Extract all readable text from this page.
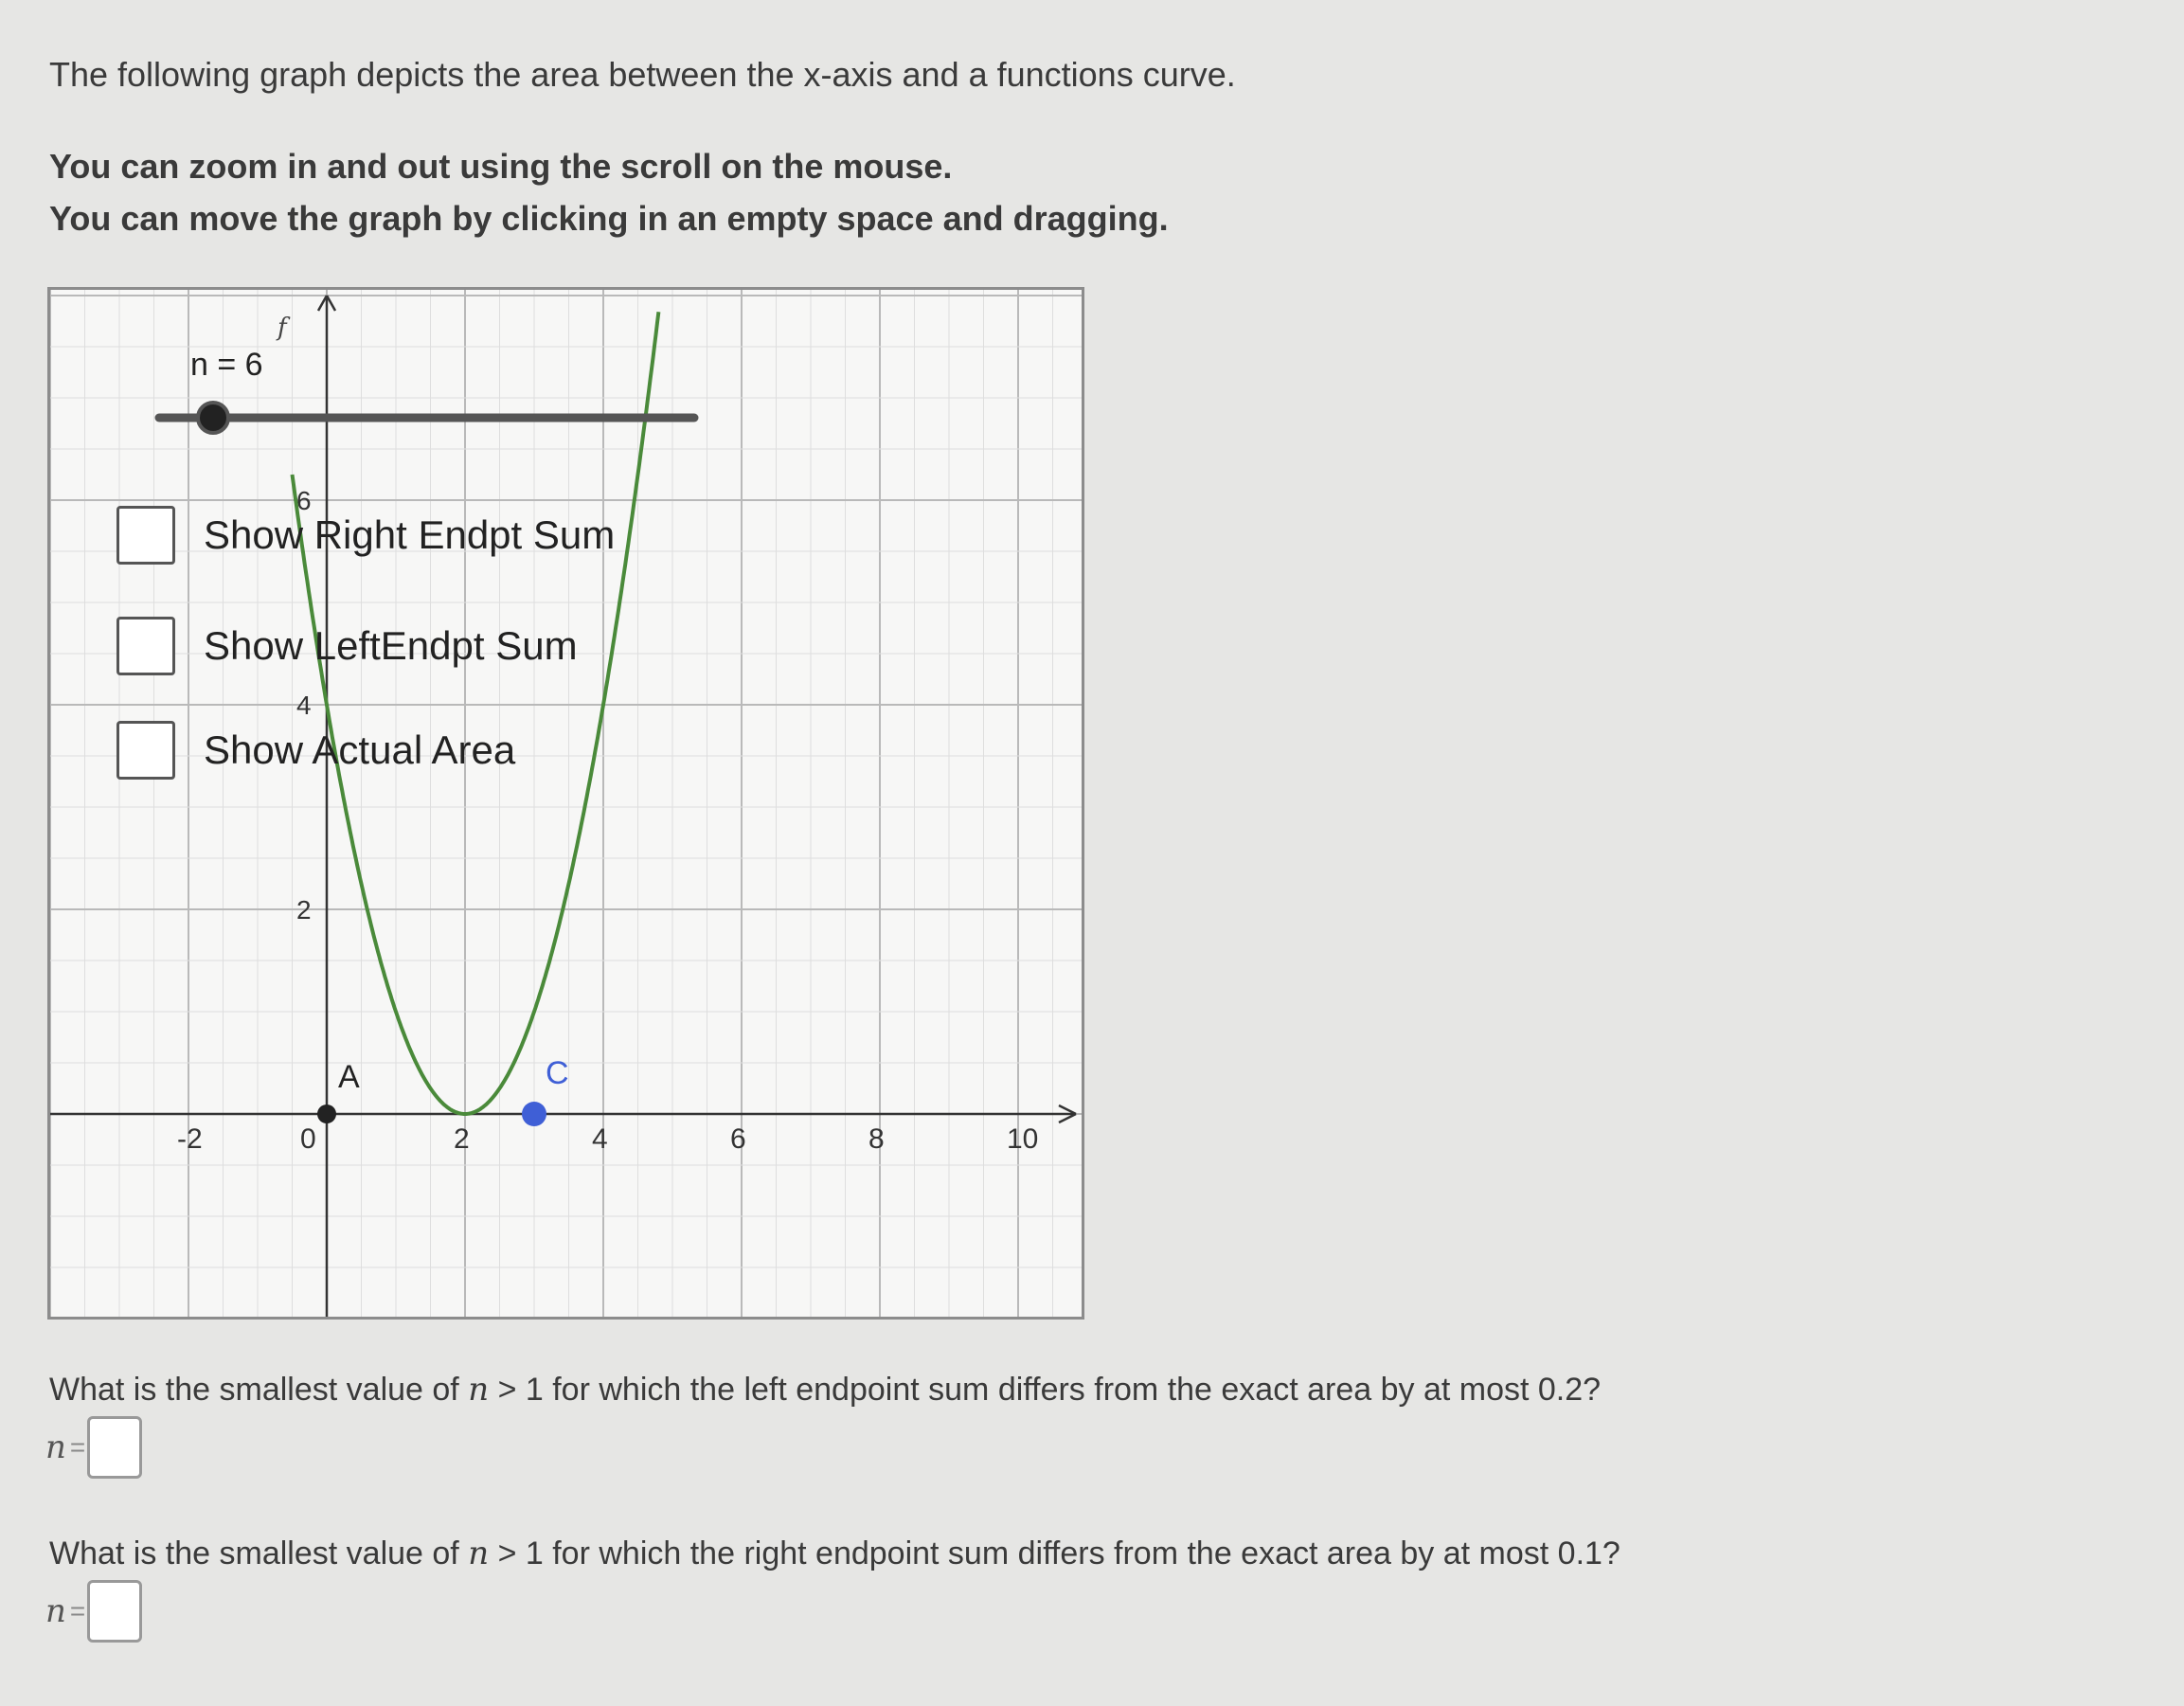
The following graph depicts the area between the x-axis and a functions curve.

You can zoom in and out using the scroll on the mouse.

You can move the graph by clicking in an empty space and dragging.

f
-2	0	2	4	6	8	10
2
4
6
n = 6
A	C
Show Right Endpt Sum
Show LeftEndpt Sum
Show Actual Area

What is the smallest value of n > 1 for which the left endpoint sum differs from the exact area by at most 0.2?

n =

What is the smallest value of n > 1 for which the right endpoint sum differs from the exact area by at most 0.1?

n =
